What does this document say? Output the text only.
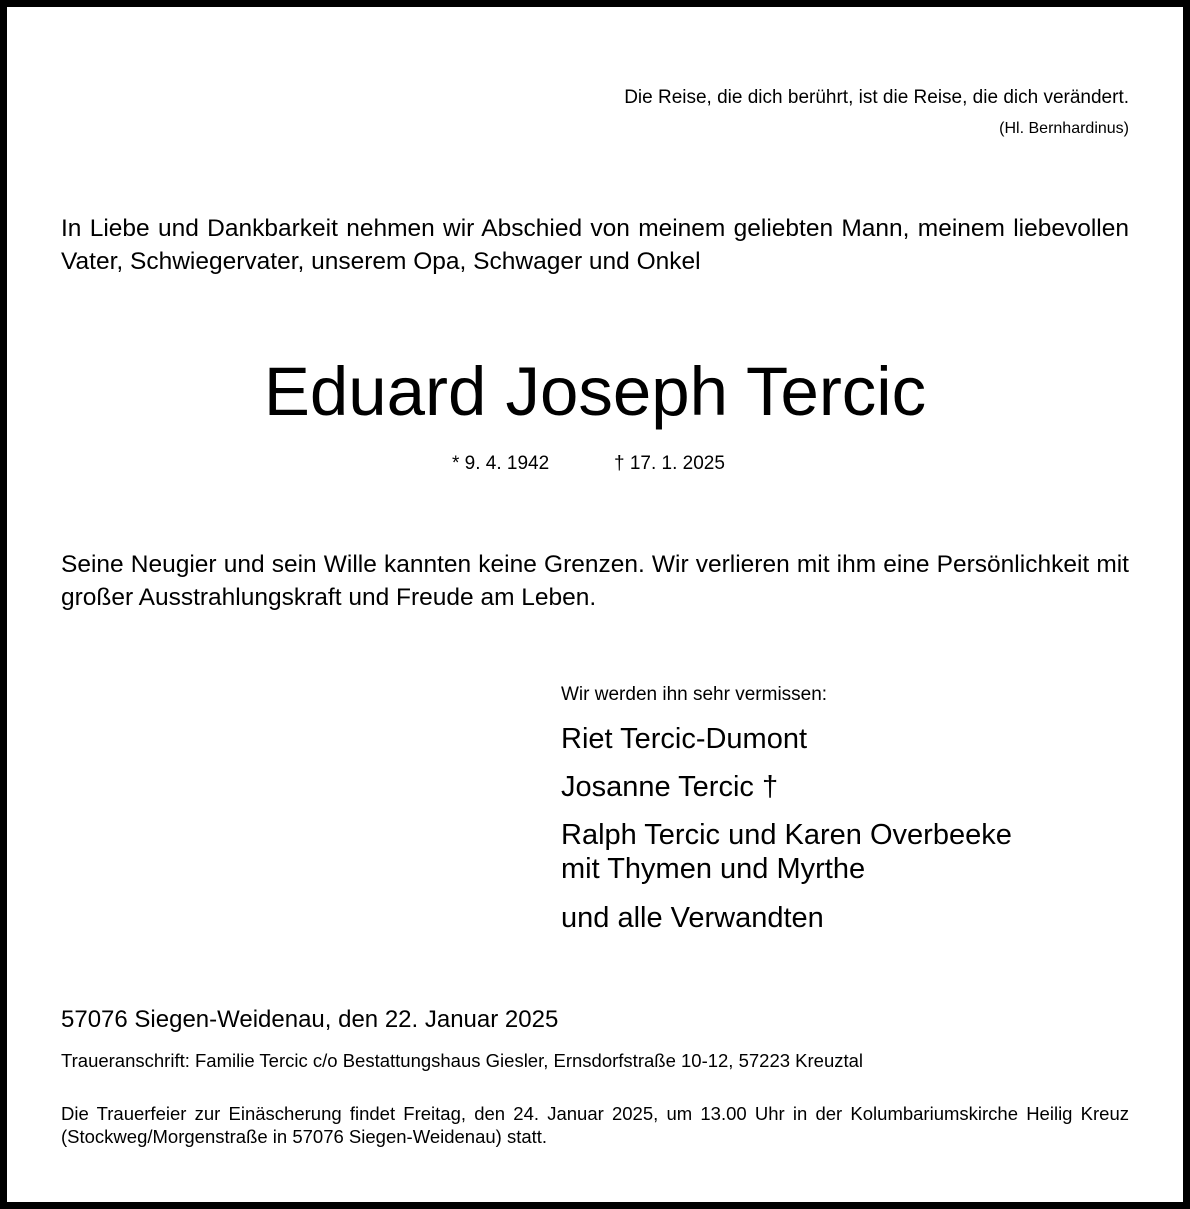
Die Reise, die dich berührt, ist die Reise, die dich verändert.

(Hl. Bernhardinus)

In Liebe und Dankbarkeit nehmen wir Abschied von meinem geliebten Mann, meinem liebevollen Vater, Schwiegervater, unserem Opa, Schwager und Onkel

Eduard Joseph Tercic
* 9. 4. 1942	† 17. 1. 2025

Seine Neugier und sein Wille kannten keine Grenzen. Wir verlieren mit ihm eine Persönlichkeit mit großer Ausstrahlungskraft und Freude am Leben.

Wir werden ihn sehr vermissen:

Riet Tercic-Dumont
Josanne Tercic †
Ralph Tercic und Karen Overbeeke
mit Thymen und Myrthe
und alle Verwandten

57076 Siegen-Weidenau, den 22. Januar 2025

Traueranschrift: Familie Tercic c/o Bestattungshaus Giesler, Ernsdorfstraße 10-12, 57223 Kreuztal

Die Trauerfeier zur Einäscherung findet Freitag, den 24. Januar 2025, um 13.00 Uhr in der Kolumbariumskirche Heilig Kreuz (Stockweg/Morgenstraße in 57076 Siegen-Weidenau) statt.
